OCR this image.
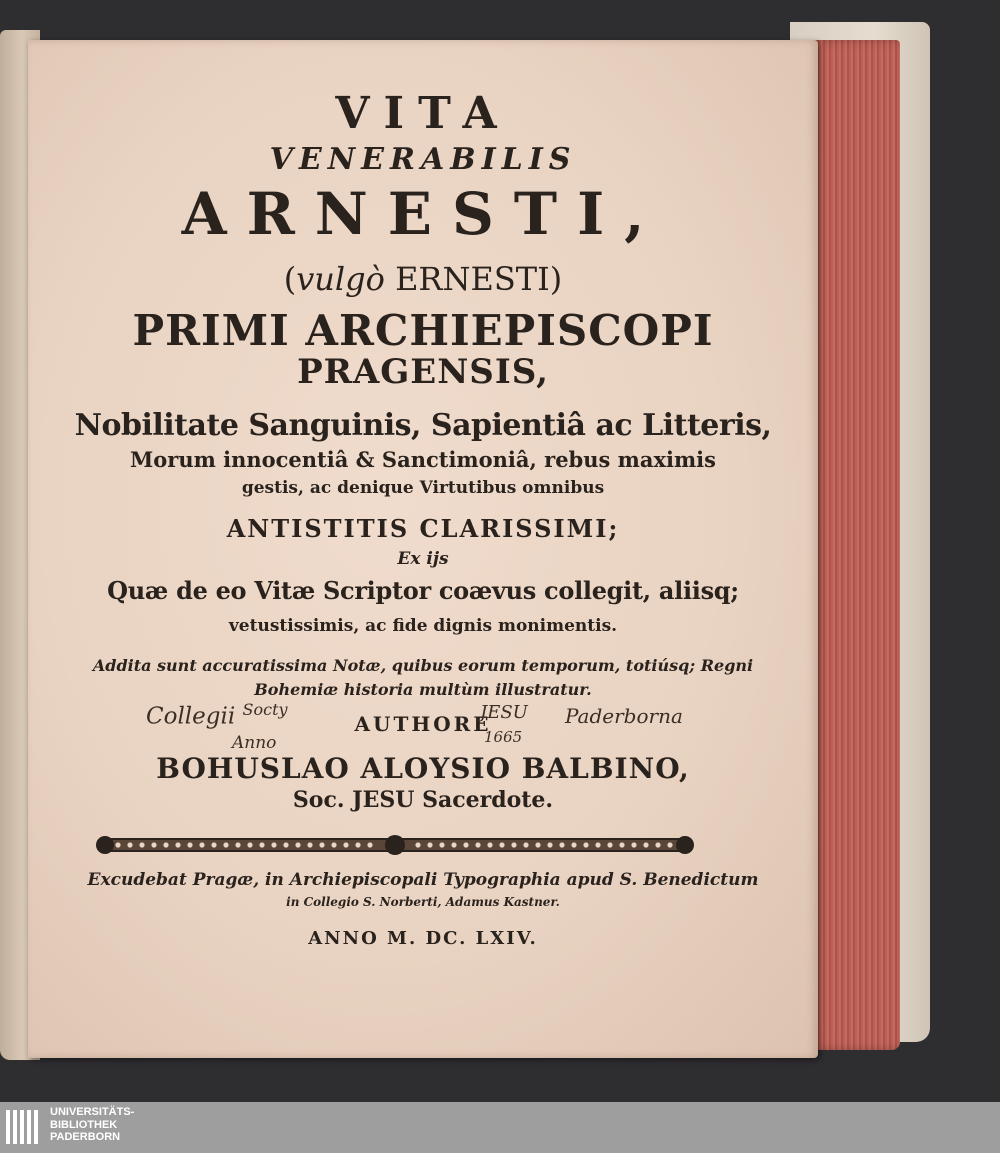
VITA
VENERABILIS
ARNESTI,
(vulgò ERNESTI)
PRIMI ARCHIEPISCOPI
PRAGENSIS,
Nobilitate Sanguinis, Sapientiâ ac Litteris,
Morum innocentiâ & Sanctimoniâ, rebus maximis
gestis, ac denique Virtutibus omnibus
ANTISTITIS CLARISSIMI;
Ex ijs
Quæ de eo Vitæ Scriptor coævus collegit, aliisq;
vetustissimis, ac fide dignis monimentis.
Addita sunt accuratissima Notæ, quibus eorum temporum, totiúsq; Regni
Bohemiæ historia multùm illustratur.
AUTHORE
BOHUSLAO ALOYSIO BALBINO,
Soc. JESU Sacerdote.
Excudebat Pragæ, in Archiepiscopali Typographia apud S. Benedictum
in Collegio S. Norberti, Adamus Kastner.
ANNO M. DC. LXIV.
Collegii $^{Socty}$
Anno
JESU Paderborna
1665
UNIVERSITÄTS-
BIBLIOTHEK
PADERBORN
